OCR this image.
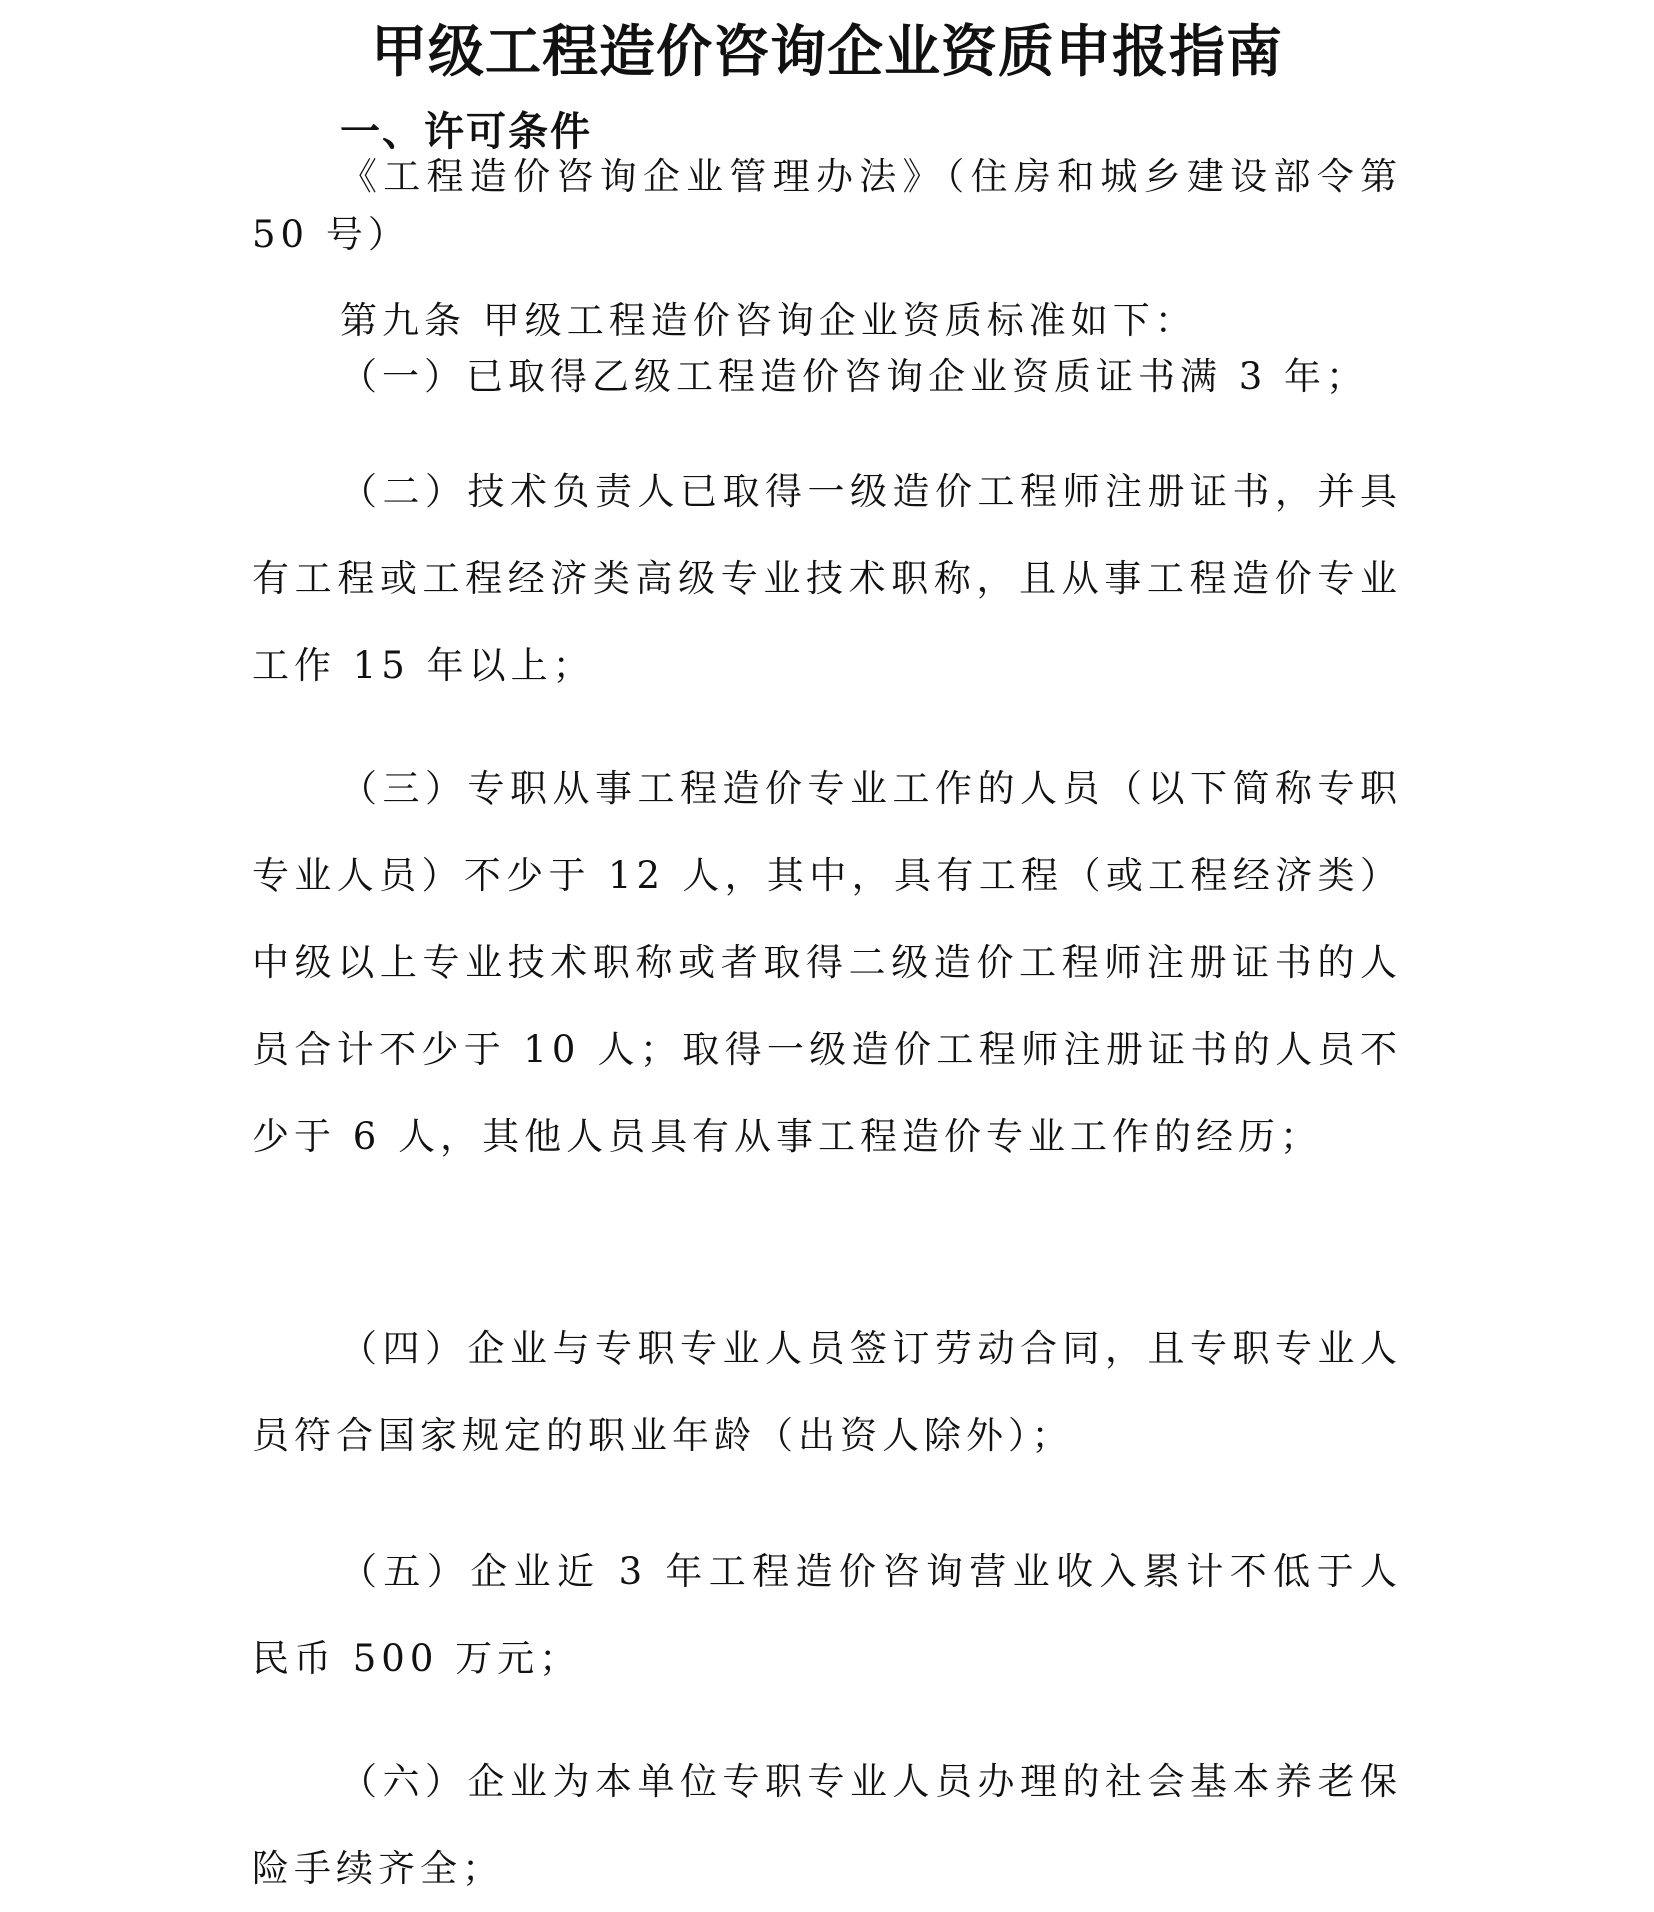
甲级工程造价咨询企业资质申报指南
一、许可条件

《工程造价咨询企业管理办法》（住房和城乡建设部令第 50 号）

第九条 甲级工程造价咨询企业资质标准如下：

（一）已取得乙级工程造价咨询企业资质证书满 3 年；

（二）技术负责人已取得一级造价工程师注册证书，并具有工程或工程经济类高级专业技术职称，且从事工程造价专业工作 15 年以上；

（三）专职从事工程造价专业工作的人员（以下简称专职专业人员）不少于 12 人，其中，具有工程（或工程经济类）中级以上专业技术职称或者取得二级造价工程师注册证书的人员合计不少于 10 人；取得一级造价工程师注册证书的人员不少于 6 人，其他人员具有从事工程造价专业工作的经历；

（四）企业与专职专业人员签订劳动合同，且专职专业人员符合国家规定的职业年龄（出资人除外）；

（五）企业近 3 年工程造价咨询营业收入累计不低于人民币 500 万元；

（六）企业为本单位专职专业人员办理的社会基本养老保险手续齐全；
